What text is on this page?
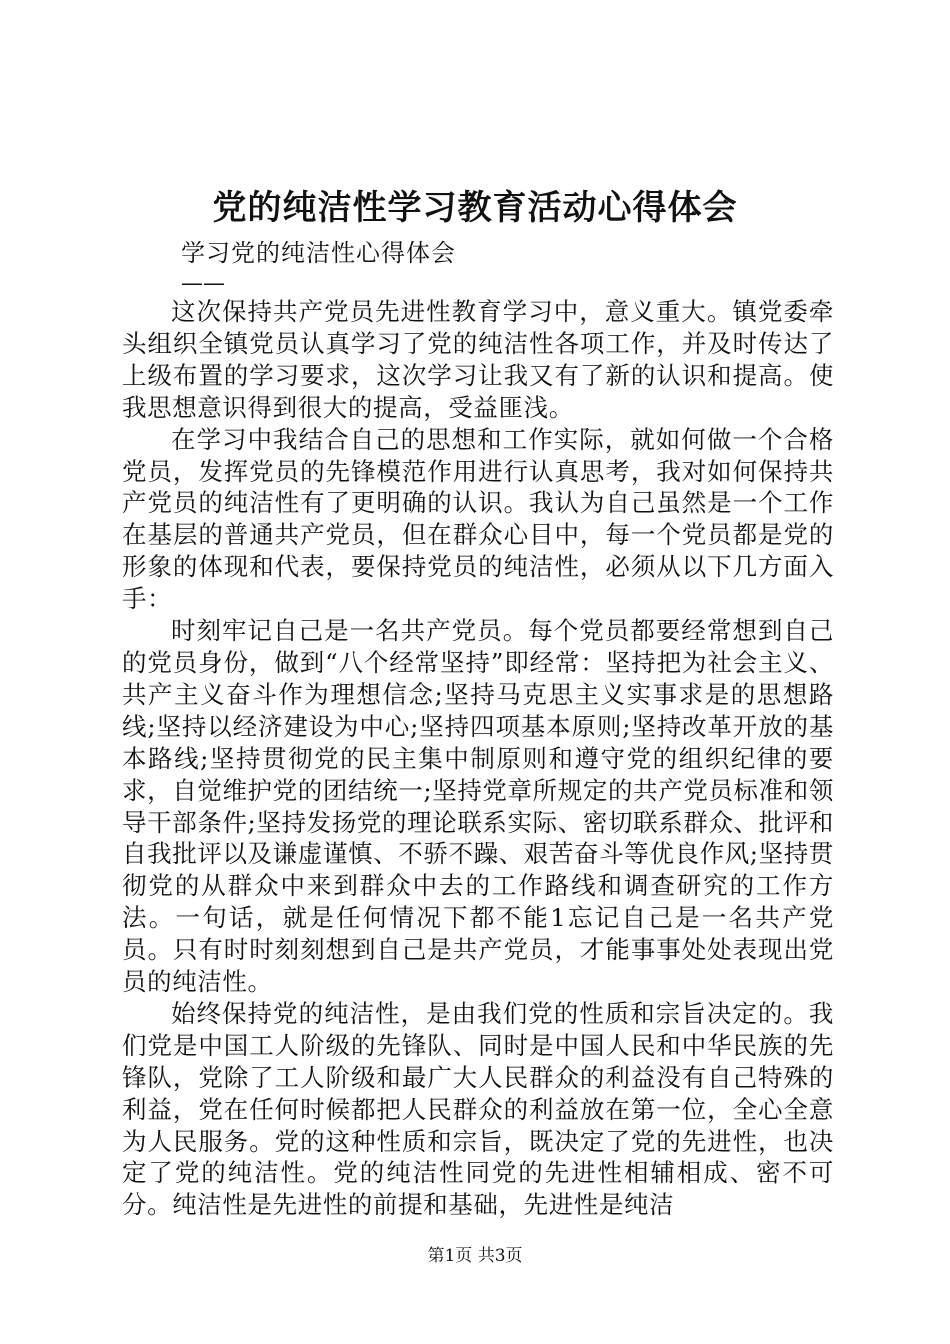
党的纯洁性学习教育活动心得体会
学习党的纯洁性心得体会
——

这次保持共产党员先进性教育学习中，意义重大。镇党委牵头组织全镇党员认真学习了党的纯洁性各项工作，并及时传达了上级布置的学习要求，这次学习让我又有了新的认识和提高。使我思想意识得到很大的提高，受益匪浅。

在学习中我结合自己的思想和工作实际，就如何做一个合格党员，发挥党员的先锋模范作用进行认真思考，我对如何保持共产党员的纯洁性有了更明确的认识。我认为自己虽然是一个工作在基层的普通共产党员，但在群众心目中，每一个党员都是党的形象的体现和代表，要保持党员的纯洁性，必须从以下几方面入手：

时刻牢记自己是一名共产党员。每个党员都要经常想到自己的党员身份，做到“八个经常坚持”即经常：坚持把为社会主义、共产主义奋斗作为理想信念;坚持马克思主义实事求是的思想路线;坚持以经济建设为中心;坚持四项基本原则;坚持改革开放的基本路线;坚持贯彻党的民主集中制原则和遵守党的组织纪律的要求，自觉维护党的团结统一;坚持党章所规定的共产党员标准和领导干部条件;坚持发扬党的理论联系实际、密切联系群众、批评和自我批评以及谦虚谨慎、不骄不躁、艰苦奋斗等优良作风;坚持贯彻党的从群众中来到群众中去的工作路线和调查研究的工作方法。一句话，就是任何情况下都不能1忘记自己是一名共产党员。只有时时刻刻想到自己是共产党员，才能事事处处表现出党员的纯洁性。

始终保持党的纯洁性，是由我们党的性质和宗旨决定的。我们党是中国工人阶级的先锋队、同时是中国人民和中华民族的先锋队，党除了工人阶级和最广大人民群众的利益没有自己特殊的利益，党在任何时候都把人民群众的利益放在第一位，全心全意为人民服务。党的这种性质和宗旨，既决定了党的先进性，也决定了党的纯洁性。党的纯洁性同党的先进性相辅相成、密不可分。纯洁性是先进性的前提和基础，先进性是纯洁

第1页 共3页
